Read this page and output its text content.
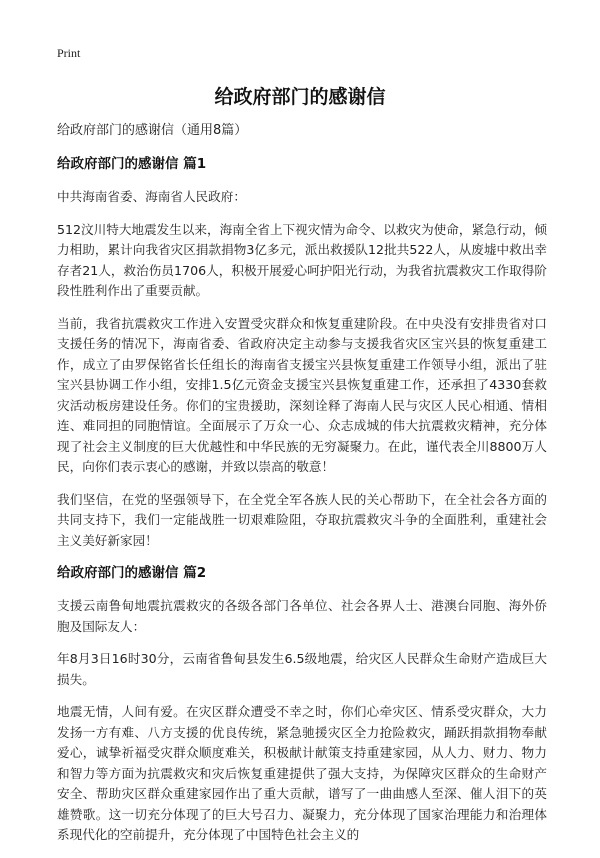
Print
给政府部门的感谢信

给政府部门的感谢信（通用8篇）

给政府部门的感谢信 篇1

中共海南省委、海南省人民政府：

512汶川特大地震发生以来，海南全省上下视灾情为命令、以救灾为使命，紧急行动，倾力相助，累计向我省灾区捐款捐物3亿多元，派出救援队12批共522人，从废墟中救出幸存者21人，救治伤员1706人，积极开展爱心呵护阳光行动，为我省抗震救灾工作取得阶段性胜利作出了重要贡献。

当前，我省抗震救灾工作进入安置受灾群众和恢复重建阶段。在中央没有安排贵省对口支援任务的情况下，海南省委、省政府决定主动参与支援我省灾区宝兴县的恢复重建工作，成立了由罗保铭省长任组长的海南省支援宝兴县恢复重建工作领导小组，派出了驻宝兴县协调工作小组，安排1.5亿元资金支援宝兴县恢复重建工作，还承担了4330套救灾活动板房建设任务。你们的宝贵援助，深刻诠释了海南人民与灾区人民心相通、情相连、难同担的同胞情谊。全面展示了万众一心、众志成城的伟大抗震救灾精神，充分体现了社会主义制度的巨大优越性和中华民族的无穷凝聚力。在此，谨代表全川8800万人民，向你们表示衷心的感谢，并致以崇高的敬意！

我们坚信，在党的坚强领导下，在全党全军各族人民的关心帮助下，在全社会各方面的共同支持下，我们一定能战胜一切艰难险阻，夺取抗震救灾斗争的全面胜利，重建社会主义美好新家园！

给政府部门的感谢信 篇2

支援云南鲁甸地震抗震救灾的各级各部门各单位、社会各界人士、港澳台同胞、海外侨胞及国际友人：

年8月3日16时30分，云南省鲁甸县发生6.5级地震，给灾区人民群众生命财产造成巨大损失。

地震无情，人间有爱。在灾区群众遭受不幸之时，你们心牵灾区、情系受灾群众，大力发扬一方有难、八方支援的优良传统，紧急驰援灾区全力抢险救灾，踊跃捐款捐物奉献爱心，诚挚祈福受灾群众顺度难关，积极献计献策支持重建家园，从人力、财力、物力和智力等方面为抗震救灾和灾后恢复重建提供了强大支持，为保障灾区群众的生命财产安全、帮助灾区群众重建家园作出了重大贡献，谱写了一曲曲感人至深、催人泪下的英雄赞歌。这一切充分体现了的巨大号召力、凝聚力，充分体现了国家治理能力和治理体系现代化的空前提升，充分体现了中国特色社会主义的
